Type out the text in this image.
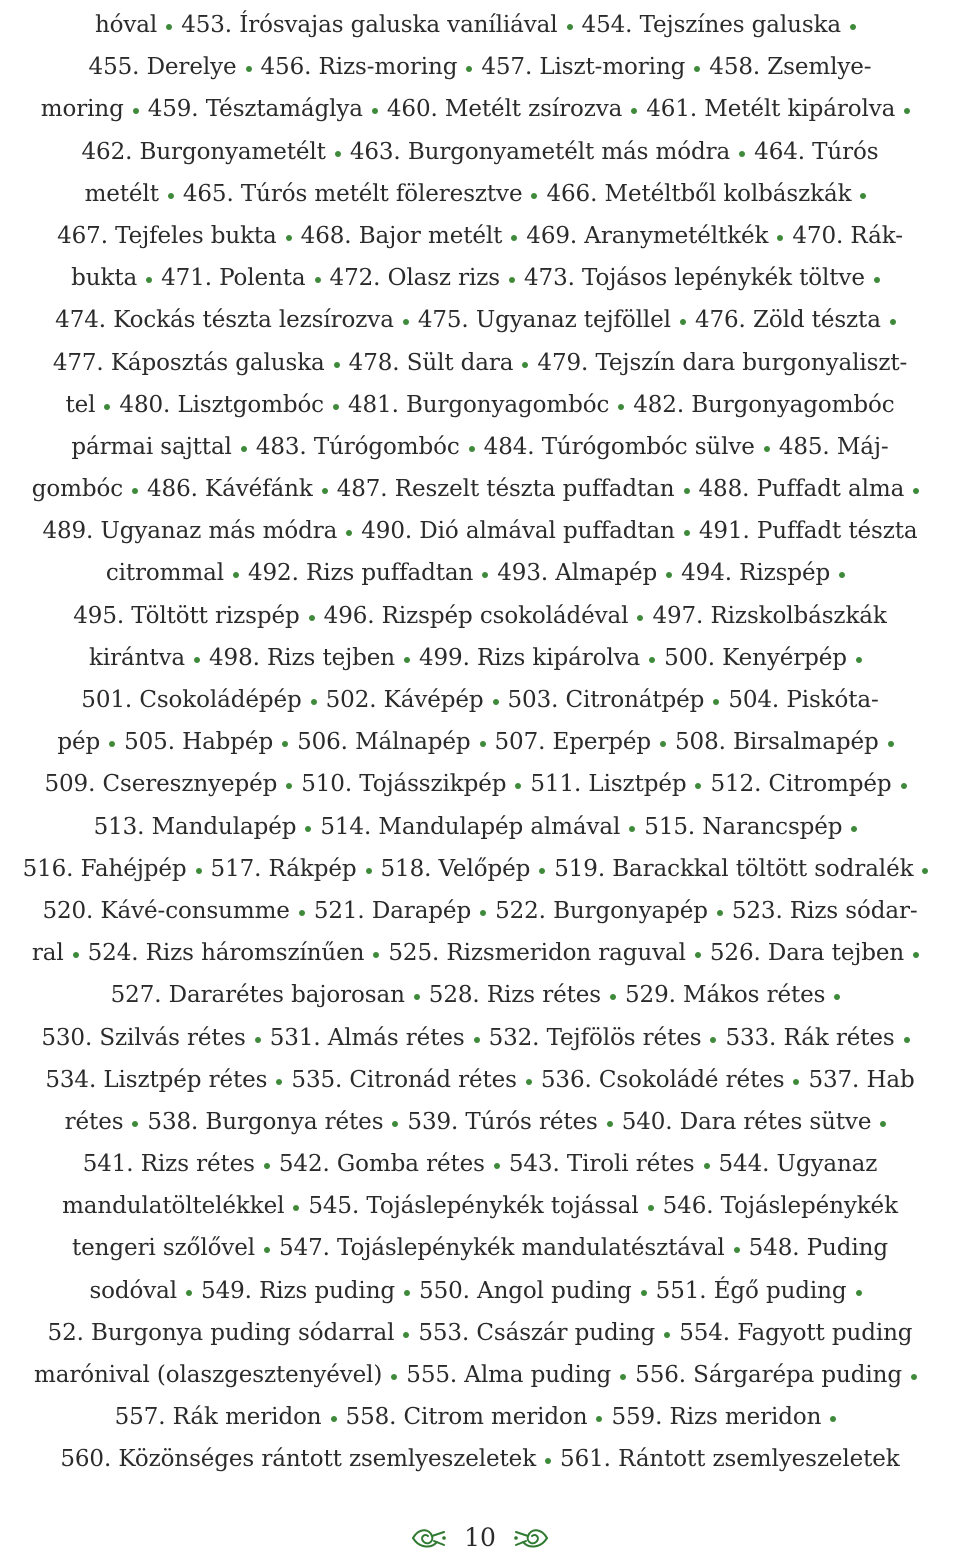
hóval 453. Írósvajas galuska vaníliával 454. Tejszínes galuska
455. Derelye 456. Rizs-moring 457. Liszt-moring 458. Zsemlye-
moring 459. Tésztamáglya 460. Metélt zsírozva 461. Metélt kipárolva
462. Burgonyametélt 463. Burgonyametélt más módra 464. Túrós
metélt 465. Túrós metélt föleresztve 466. Metéltből kolbászkák
467. Tejfeles bukta 468. Bajor metélt 469. Aranymetéltkék 470. Rák-
bukta 471. Polenta 472. Olasz rizs 473. Tojásos lepénykék töltve
474. Kockás tészta lezsírozva 475. Ugyanaz tejföllel 476. Zöld tészta
477. Káposztás galuska 478. Sült dara 479. Tejszín dara burgonyaliszt-
tel 480. Lisztgombóc 481. Burgonyagombóc 482. Burgonyagombóc
pármai sajttal 483. Túrógombóc 484. Túrógombóc sülve 485. Máj-
gombóc 486. Kávéfánk 487. Reszelt tészta puffadtan 488. Puffadt alma
489. Ugyanaz más módra 490. Dió almával puffadtan 491. Puffadt tészta
citrommal 492. Rizs puffadtan 493. Almapép 494. Rizspép
495. Töltött rizspép 496. Rizspép csokoládéval 497. Rizskolbászkák
kirántva 498. Rizs tejben 499. Rizs kipárolva 500. Kenyérpép
501. Csokoládépép 502. Kávépép 503. Citronátpép 504. Piskóta-
pép 505. Habpép 506. Málnapép 507. Eperpép 508. Birsalmapép
509. Cseresznyepép 510. Tojásszikpép 511. Lisztpép 512. Citrompép
513. Mandulapép 514. Mandulapép almával 515. Narancspép
516. Fahéjpép 517. Rákpép 518. Velőpép 519. Barackkal töltött sodralék
520. Kávé-consumme 521. Darapép 522. Burgonyapép 523. Rizs sódar-
ral 524. Rizs háromszínűen 525. Rizsmeridon raguval 526. Dara tejben
527. Dararétes bajorosan 528. Rizs rétes 529. Mákos rétes
530. Szilvás rétes 531. Almás rétes 532. Tejfölös rétes 533. Rák rétes
534. Lisztpép rétes 535. Citronád rétes 536. Csokoládé rétes 537. Hab
rétes 538. Burgonya rétes 539. Túrós rétes 540. Dara rétes sütve
541. Rizs rétes 542. Gomba rétes 543. Tiroli rétes 544. Ugyanaz
mandulatöltelékkel 545. Tojáslepénykék tojással 546. Tojáslepénykék
tengeri szőlővel 547. Tojáslepénykék mandulatésztával 548. Puding
sodóval 549. Rizs puding 550. Angol puding 551. Égő puding
52. Burgonya puding sódarral 553. Császár puding 554. Fagyott puding
marónival (olaszgesztenyével) 555. Alma puding 556. Sárgarépa puding
557. Rák meridon 558. Citrom meridon 559. Rizs meridon
560. Közönséges rántott zsemlyeszeletek 561. Rántott zsemlyeszeletek
10
